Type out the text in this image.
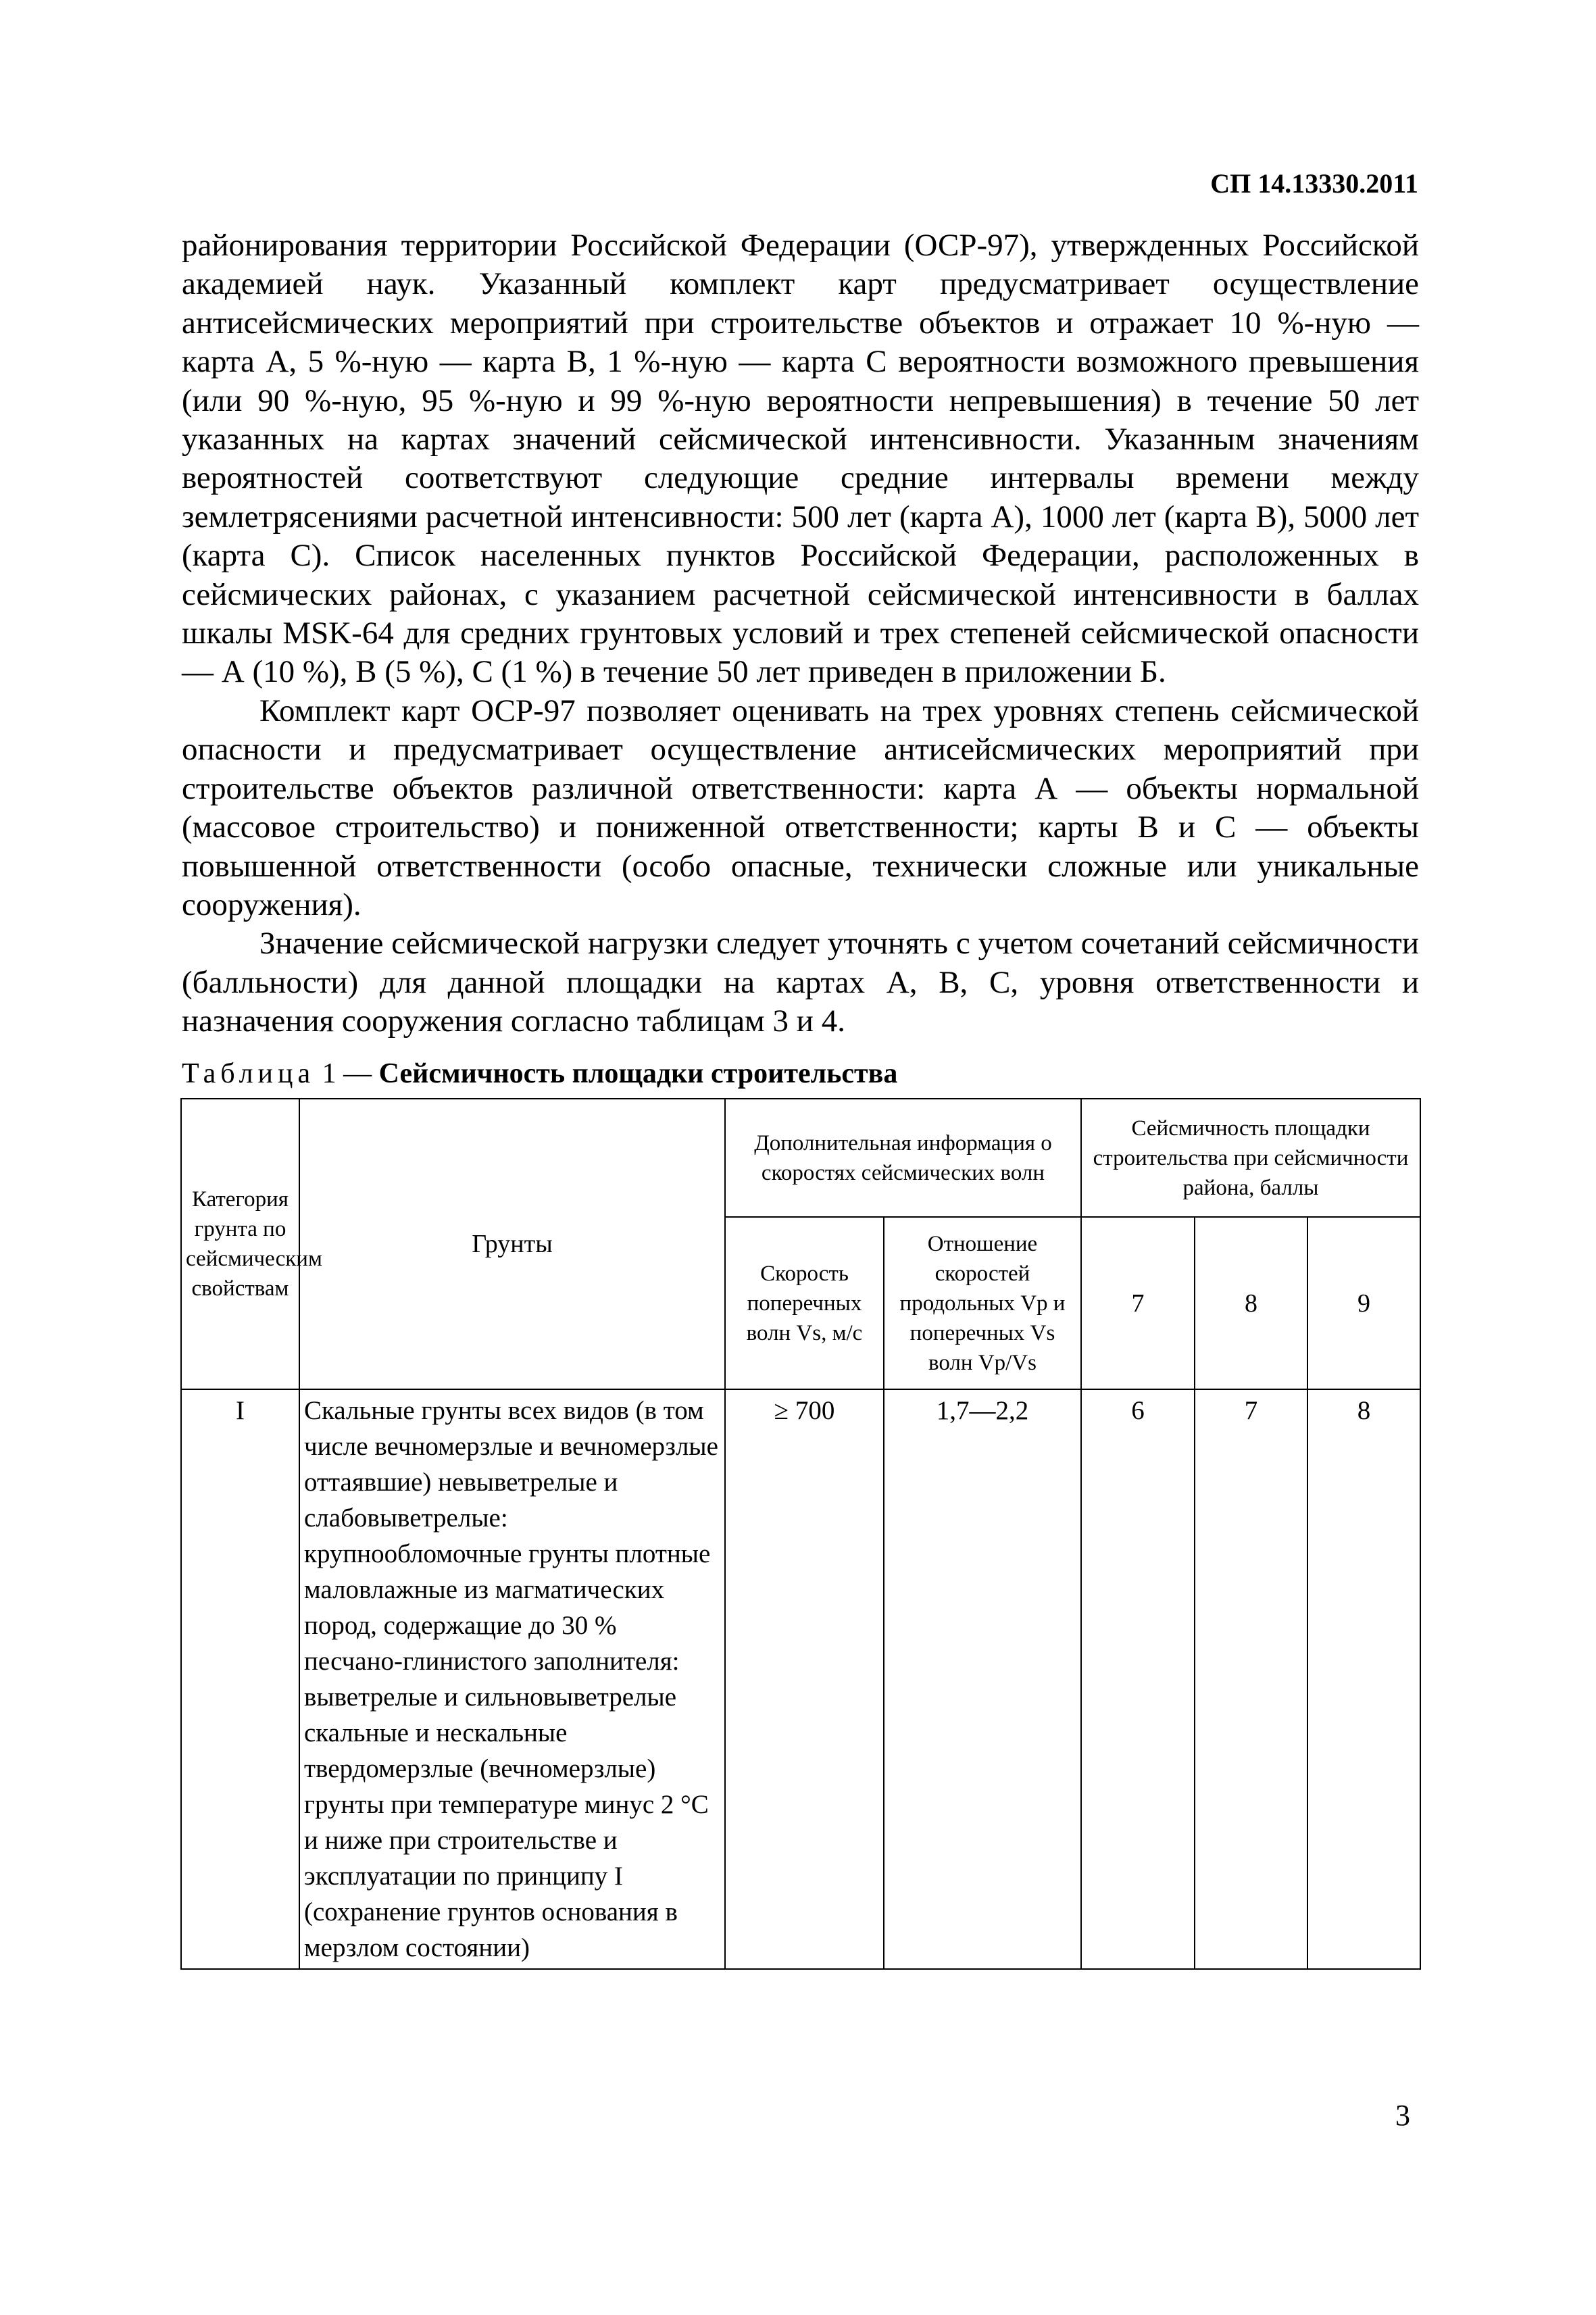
СП 14.13330.2011

районирования территории Российской Федерации (ОСР-97), утвержденных Российской академией наук. Указанный комплект карт предусматривает осуществление антисейсмических мероприятий при строительстве объектов и отражает 10 %-ную — карта А, 5 %-ную — карта В, 1 %-ную — карта С вероятности возможного превышения (или 90 %-ную, 95 %-ную и 99 %-ную вероятности непревышения) в течение 50 лет указанных на картах значений сейсмической интенсивности. Указанным значениям вероятностей соответствуют следующие средние интервалы времени между землетрясениями расчетной интенсивности: 500 лет (карта А), 1000 лет (карта В), 5000 лет (карта С). Список населенных пунктов Российской Федерации, расположенных в сейсмических районах, с указанием расчетной сейсмической интенсивности в баллах шкалы MSK-64 для средних грунтовых условий и трех степеней сейсмической опасности — А (10 %), В (5 %), С (1 %) в течение 50 лет приведен в приложении Б.

Комплект карт ОСР-97 позволяет оценивать на трех уровнях степень сейсмической опасности и предусматривает осуществление антисейсмических мероприятий при строительстве объектов различной ответственности: карта А — объекты нормальной (массовое строительство) и пониженной ответственности; карты В и С — объекты повышенной ответственности (особо опасные, технически сложные или уникальные сооружения).

Значение сейсмической нагрузки следует уточнять с учетом сочетаний сейсмичности (балльности) для данной площадки на картах А, В, С, уровня ответственности и назначения сооружения согласно таблицам 3 и 4.

Таблица 1 — Сейсмичность площадки строительства
Категория грунта по сейсмическим свойствам	Грунты	Дополнительная информация о скоростях сейсмических волн		Сейсмичность площадки строительства при сейсмичности района, баллы		
		Скорость поперечных волн Vs, м/с	Отношение скоростей продольных Vp и поперечных Vs волн Vp/Vs	7	8	9
I	Скальные грунты всех видов (в том числе вечномерзлые и вечномерзлые оттаявшие) невыветрелые и слабовыветрелые: крупнообломочные грунты плотные маловлажные из магматических пород, содержащие до 30 % песчано-глинистого заполнителя: выветрелые и сильновыветрелые скальные и нескальные твердомерзлые (вечномерзлые) грунты при температуре минус 2 °С и ниже при строительстве и эксплуатации по принципу I (сохранение грунтов основания в мерзлом состоянии)	≥ 700	1,7—2,2	6	7	8
3
